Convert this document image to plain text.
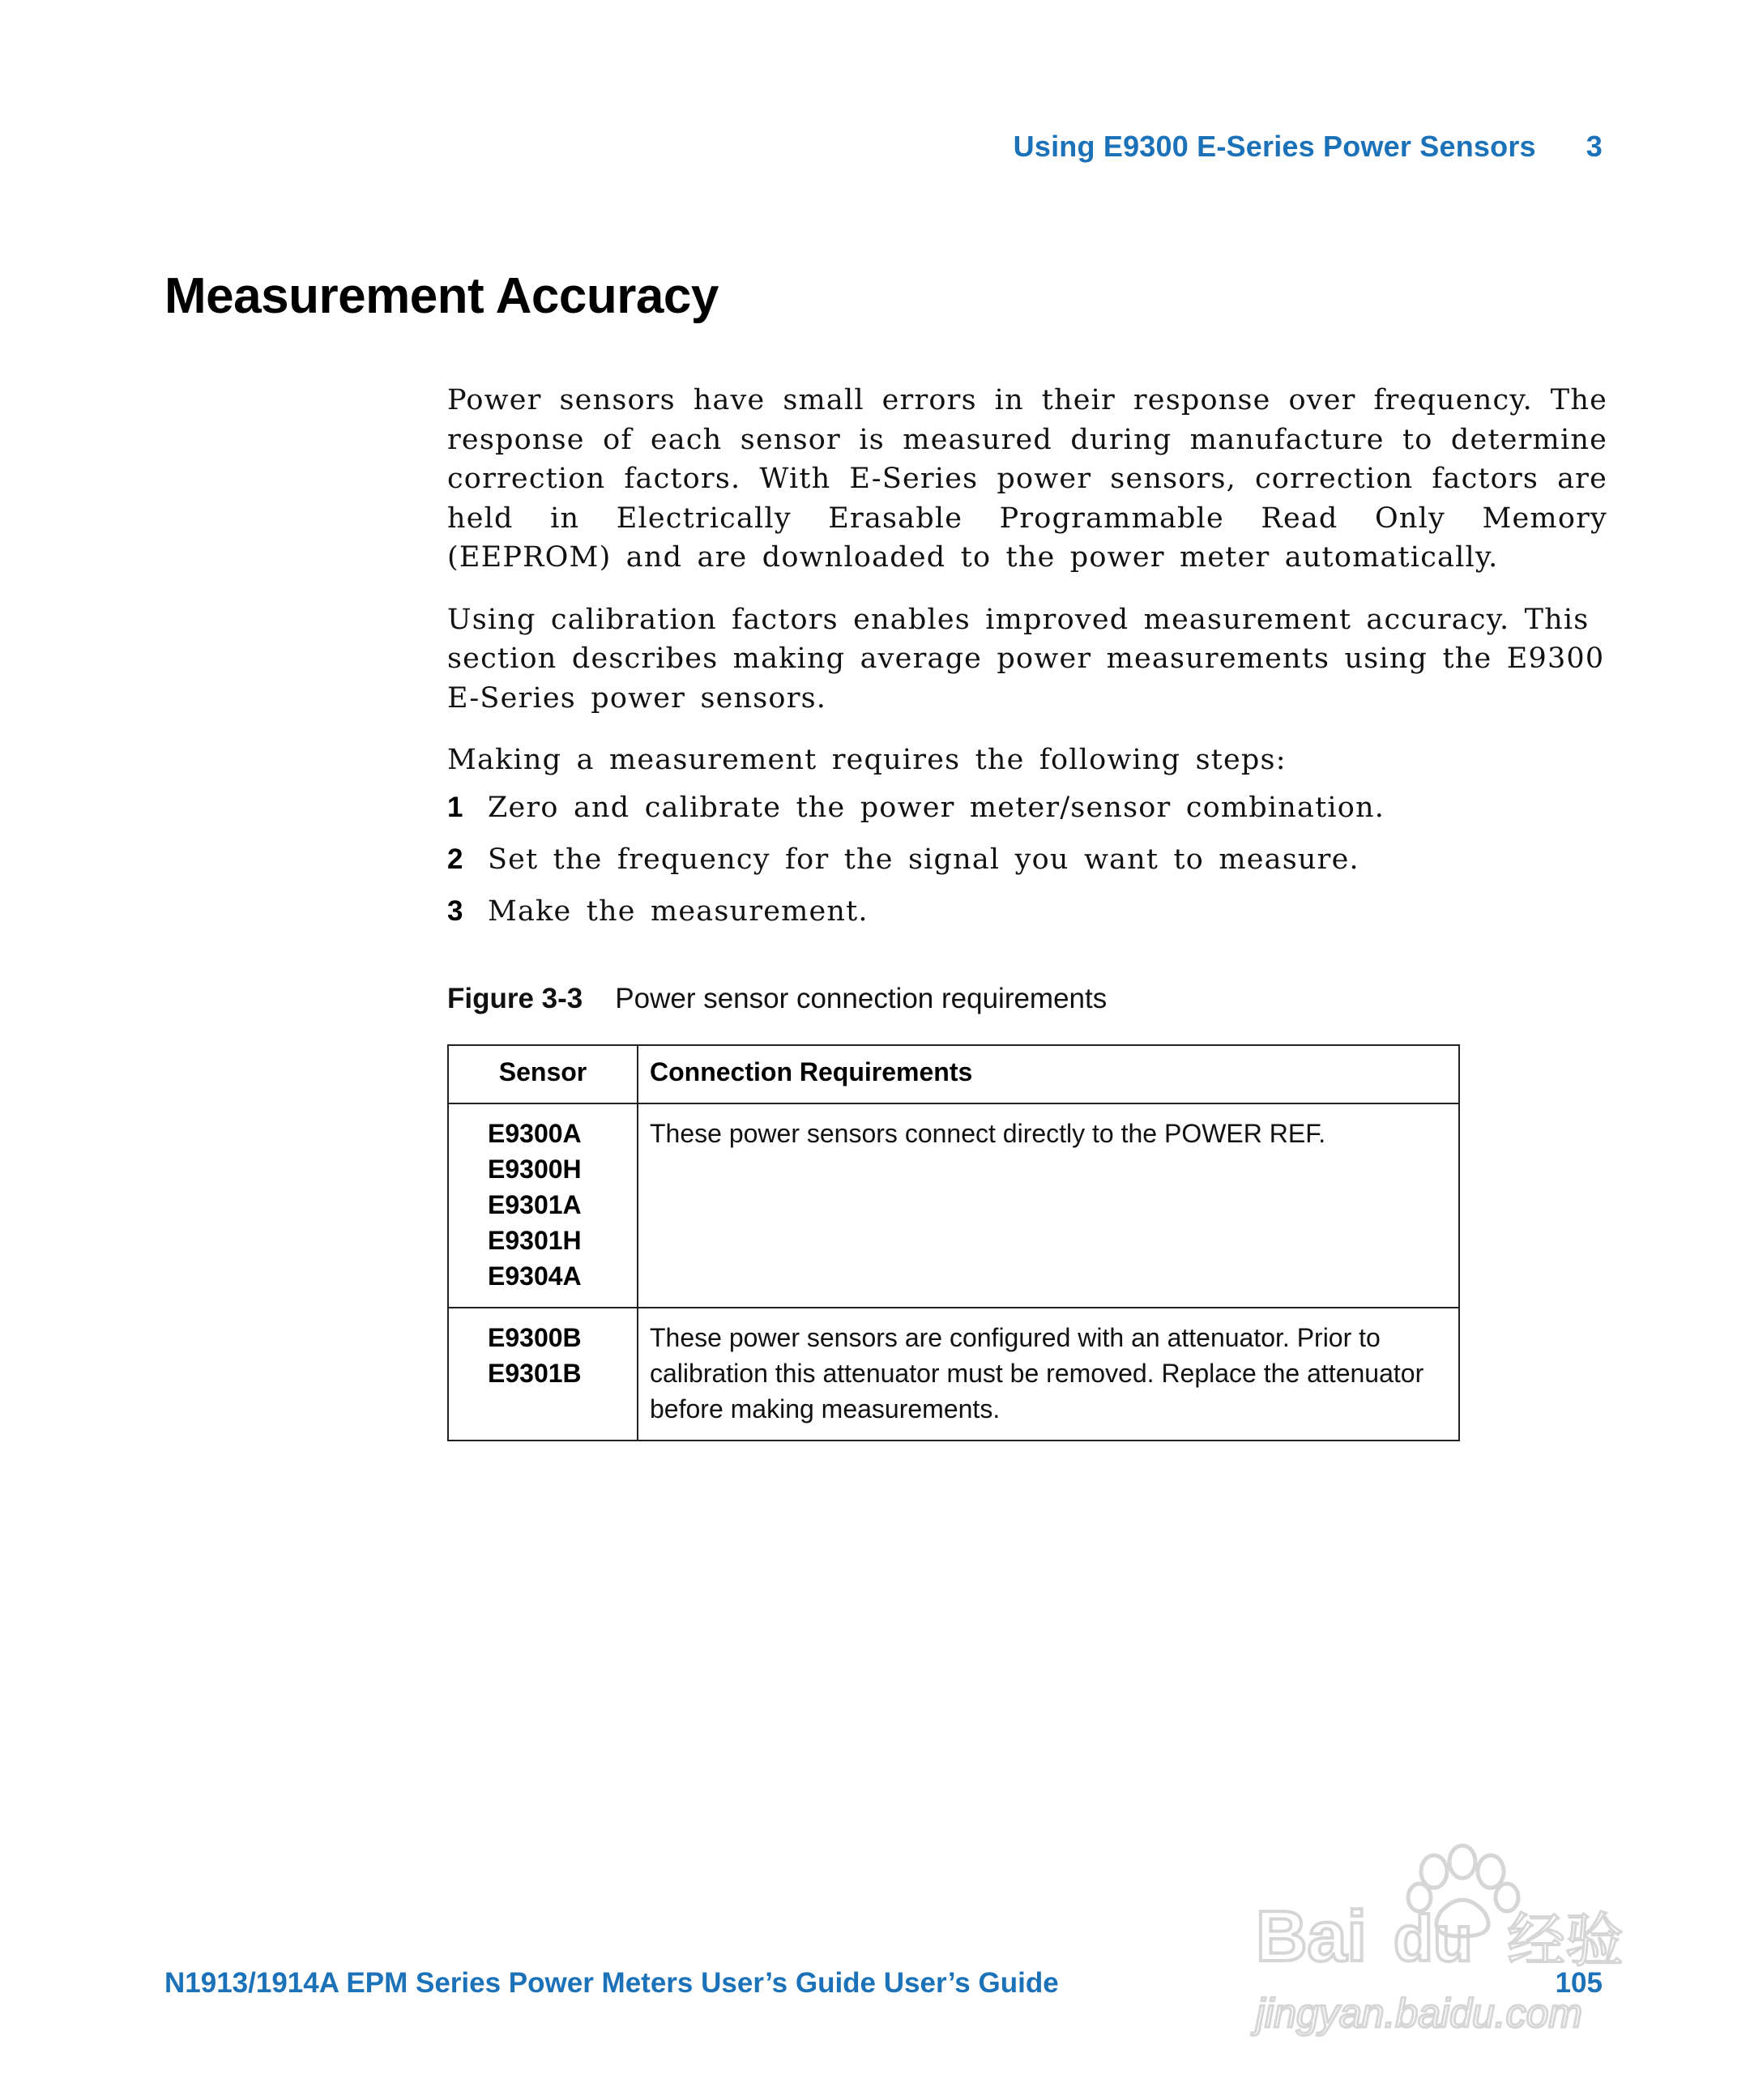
Using E9300 E-Series Power Sensors 3
Measurement Accuracy

Power sensors have small errors in their response over frequency. The response of each sensor is measured during manufacture to determine correction factors. With E-Series power sensors, correction factors are held in Electrically Erasable Programmable Read Only Memory (EEPROM) and are downloaded to the power meter automatically.

Using calibration factors enables improved measurement accuracy. This section describes making average power measurements using the E9300 E-Series power sensors.

Making a measurement requires the following steps:

1 Zero and calibrate the power meter/sensor combination.
2 Set the frequency for the signal you want to measure.
3 Make the measurement.
Figure 3-3 Power sensor connection requirements
Sensor	Connection Requirements

E9300A
E9300H
E9301A
E9301H
E9304A	These power sensors connect directly to the POWER REF.

E9300B
E9301B	These power sensors are configured with an attenuator. Prior to calibration this attenuator must be removed. Replace the attenuator before making measurements.
N1913/1914A EPM Series Power Meters User’s Guide User’s Guide	105
Bai du 经验
jingyan.baidu.com
